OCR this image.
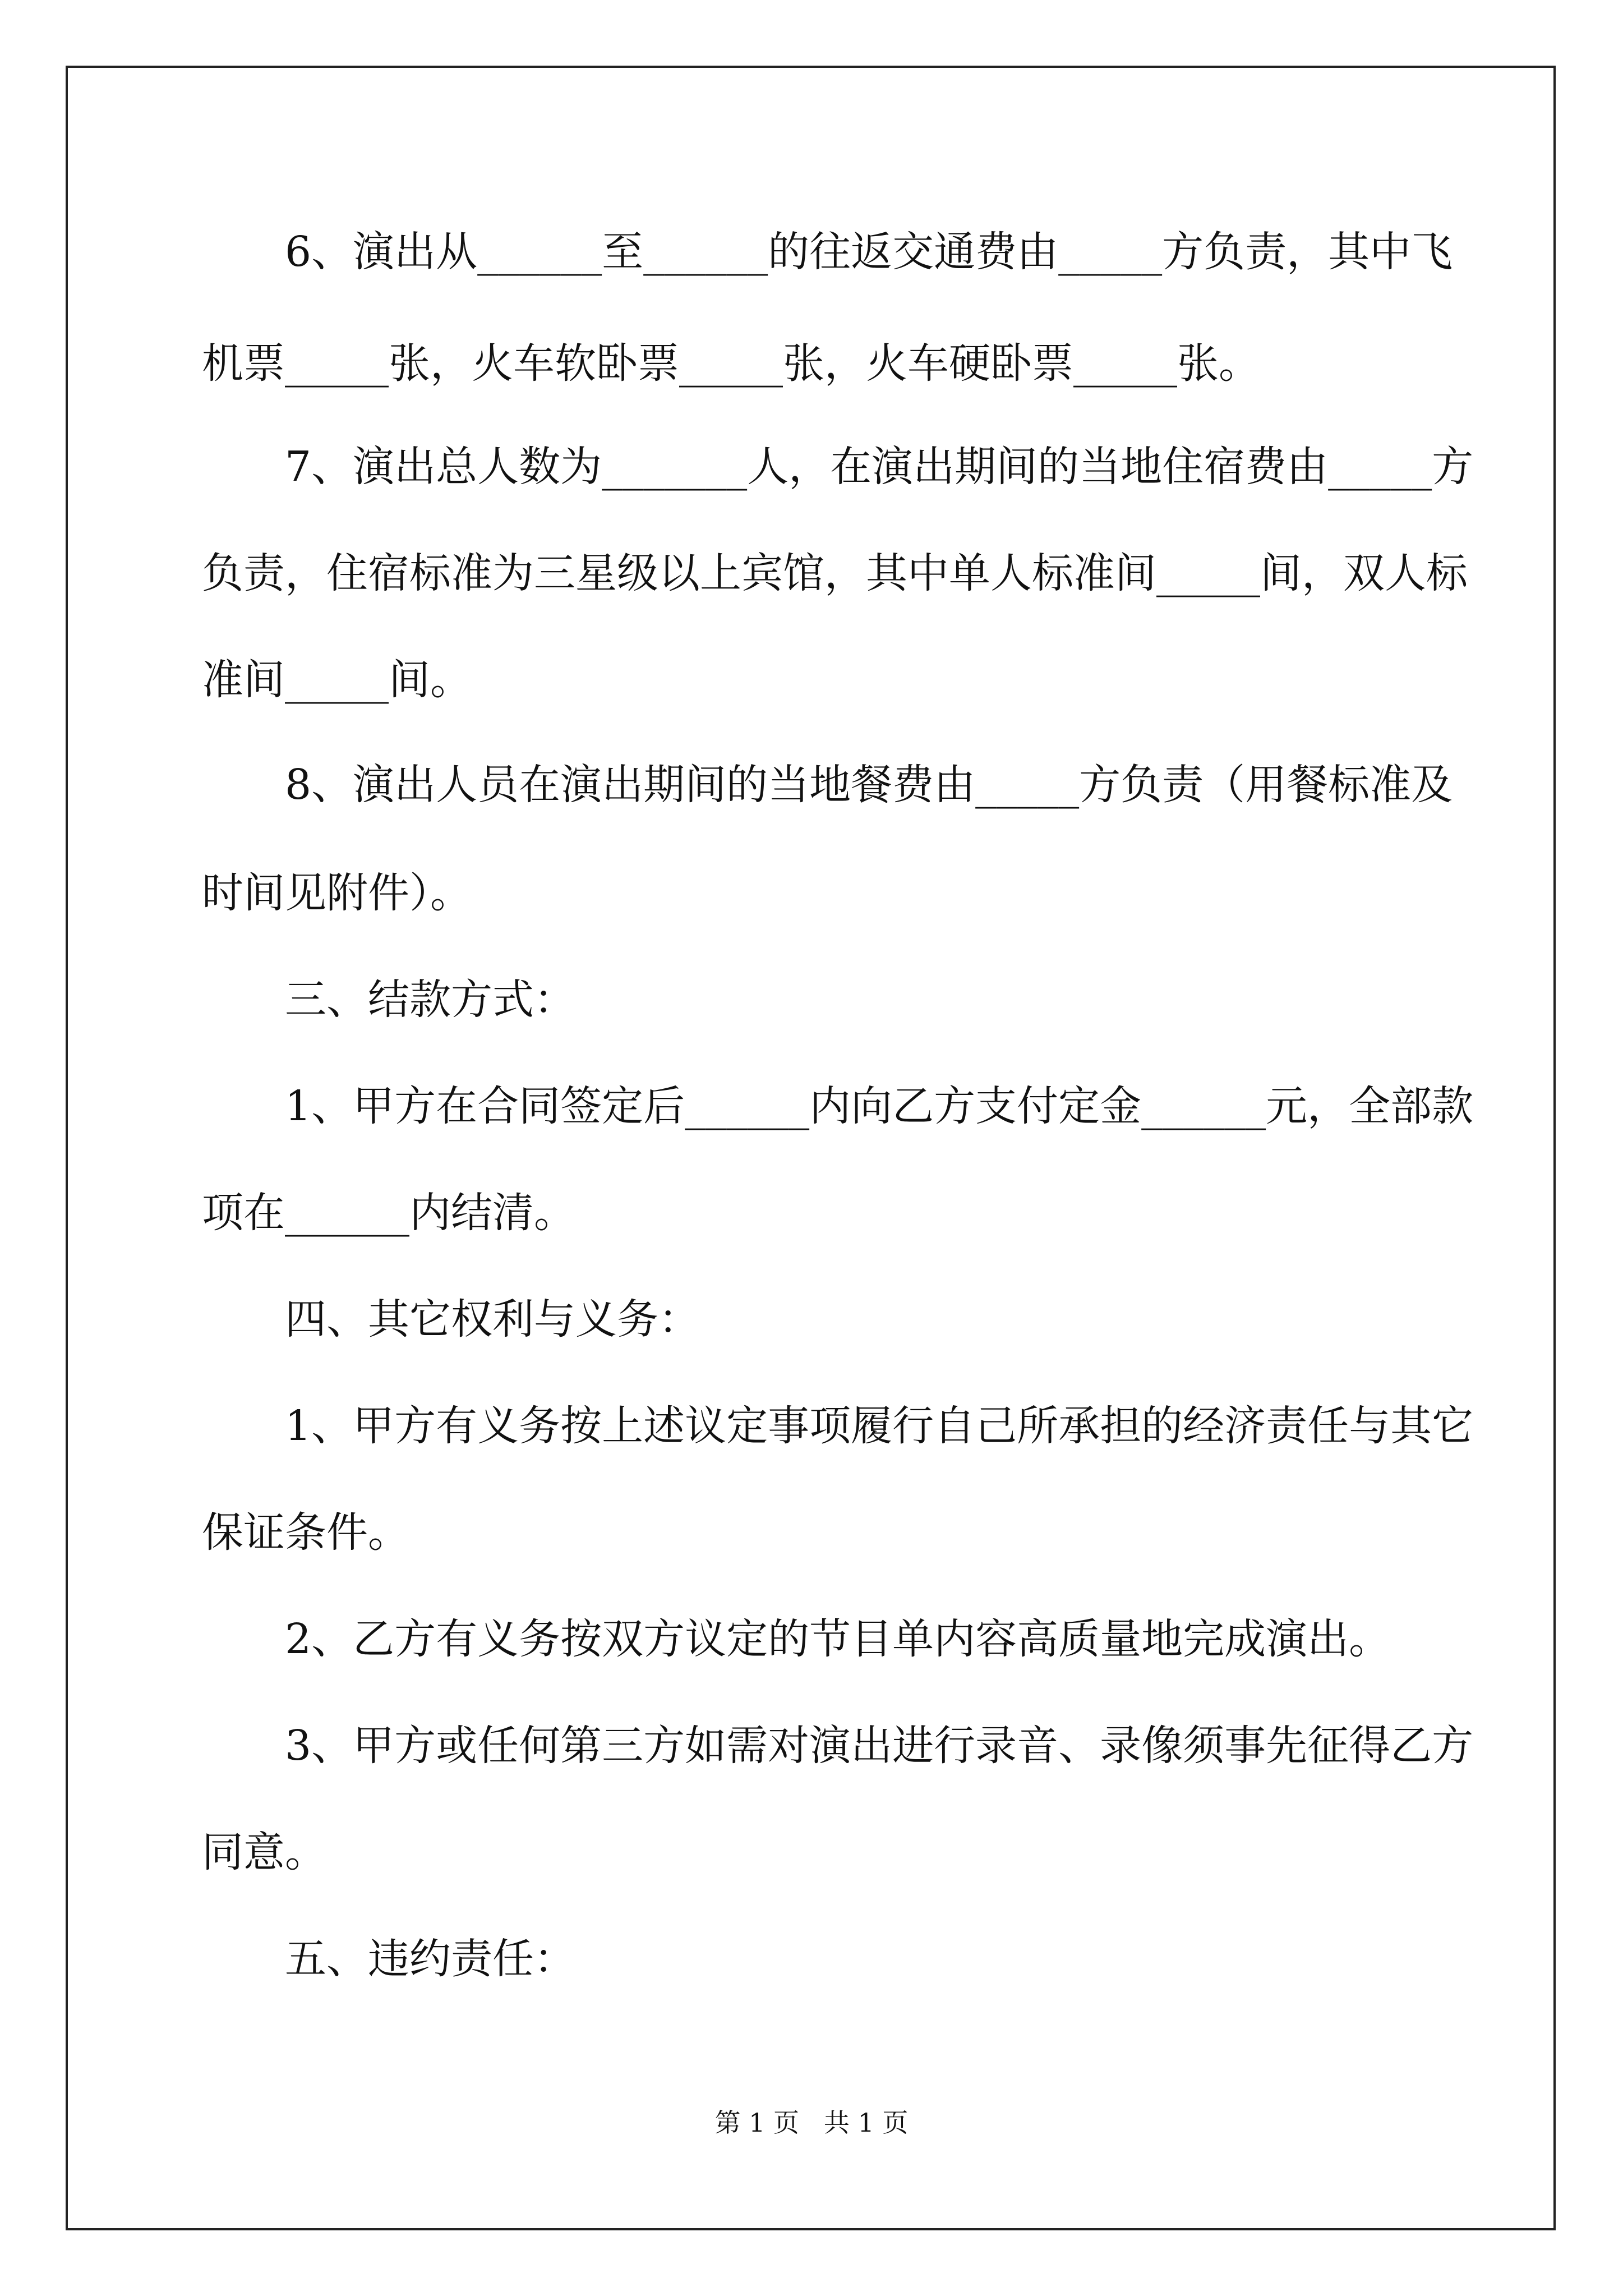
6、演出从______至______的往返交通费由_____方负责，其中飞
机票_____张，火车软卧票_____张，火车硬卧票_____张。
7、演出总人数为_______人，在演出期间的当地住宿费由_____方
负责，住宿标准为三星级以上宾馆，其中单人标准间_____间，双人标
准间_____间。
8、演出人员在演出期间的当地餐费由_____方负责（用餐标准及
时间见附件）。
三、结款方式：
1、甲方在合同签定后______内向乙方支付定金______元，全部款
项在______内结清。
四、其它权利与义务：
1、甲方有义务按上述议定事项履行自己所承担的经济责任与其它
保证条件。
2、乙方有义务按双方议定的节目单内容高质量地完成演出。
3、甲方或任何第三方如需对演出进行录音、录像须事先征得乙方
同意。
五、违约责任：
第 1 页   共 1 页
